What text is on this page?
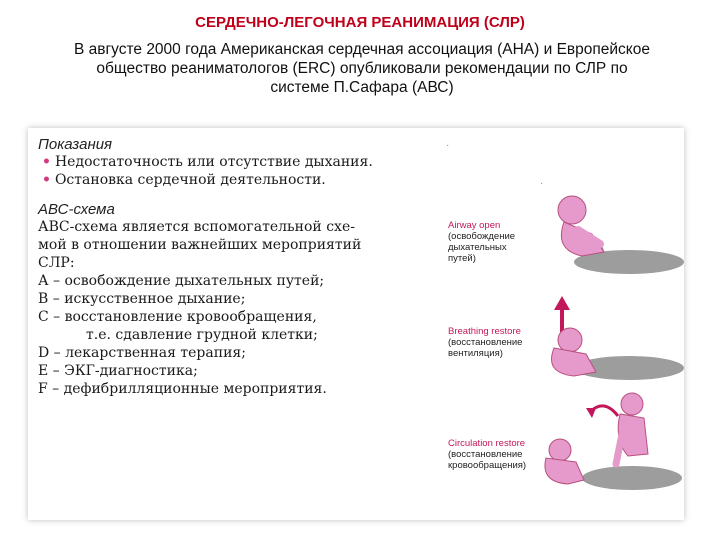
СЕРДЕЧНО-ЛЕГОЧНАЯ РЕАНИМАЦИЯ (СЛР)
В августе 2000 года Американская сердечная ассоциация (АНА) и Европейское
общество реаниматологов (ERC) опубликовали рекомендации по СЛР по
системе П.Сафара (АВС)

Показания

• Недостаточность или отсутствие дыхания.

• Остановка сердечной деятельности.

АВС-схема

АВС-схема является вспомогательной схе-

мой в отношении важнейших мероприятий

СЛР:

А – освобождение дыхательных путей;

В – искусственное дыхание;

С – восстановление кровообращения,

т.е. сдавление грудной клетки;

D – лекарственная терапия;

Е – ЭКГ-диагностика;

F – дефибрилляционные мероприятия.

·
·
Airway open
(освобождение
дыхательных
путей)
Breathing restore
(восстановление
вентиляция)
Circulation restore
(восстановление
кровообращения)
